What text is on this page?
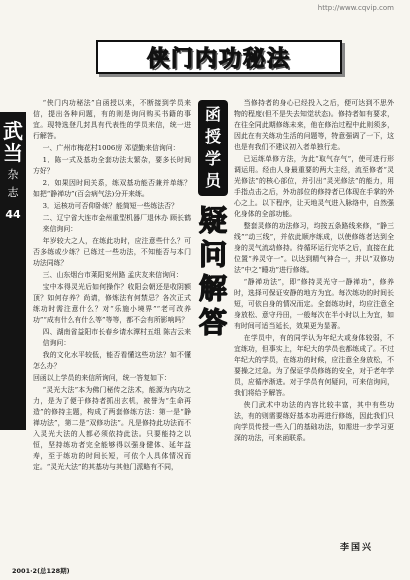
http://www.cqvip.com
侠门内功秘法
武
当
杂
志
44

“侠门内功秘法”自函授以来，不断接到学员来信，提出各种问题，有的则是询问购买书籍的事宜。现特选登几封具有代表性的学员来信，统一进行解答。

一、广州市梅花村1006房 邓望勤来信询问：

1．陈一式及基功全套功法太繁杂，要多长时间方好？

2．如果因时间关系，练双基功能否兼并单练？如把“静禅功”(百会病气法)分开来练。

3．运核功可否仰卧练？能简短一些练法否？

二、辽宁省大连市金州重型机器厂退休办 顾长鹤来信询问：

年岁较大之人，在练此功时，应注意些什么？可否多练或少练？已练过一些功法，不知能否与本门功法同练？

三、山东烟台市莱阳兖州路 孟庆友来信询问：

宝中本得灵光后如何操作？收阳会朝还是收阴额顶？如何存养？尚请，修炼法有何禁忌？各次正式练功时需注意什么？对“乐施小境界”“老可改养功”“成有什么有什么等”等等，都不会有所影响吗？

四、湖南省益阳市长春乡请水潭村五组 陈吉云来信询问：

我的文化水平较低，能否看懂这些功法？如不懂怎么办？

回函以上学员的来信所询问，统一答复如下：

“灵光大法”本为佛门秘传之法术，能源为内功之力，是为了便于修持者抓出玄机，被誉为“生命再造”的修持主题，构成了两套修练方法：第一是“静禅功法”，第二是“双修功法”。凡是修持此功法而不入灵光大法的人都必须依持此法。只要能持之以恒，坚持练功者完全能够得以强身健体、延年益寿，至于练功的时间长短，可依个人具体情况而定。“灵光大法”的其基功与其他门派略有不同，

函
授
学
员
疑
问
解
答

当修持者的身心已经投入之后，便可达到不思外物的程度(但不是失去知觉状态)。修持者如有要求，在往全同此期修练未来，他在修治过程中此则须多，因此在有关练功生活的问题等，特意强调了一下，这也是有我们不建议初入者单独行走。

已运练单修方法，为此“取气存气”，使可进行形调运用。经由人身最重要的两大主经，流至修者“灵光修法”的核心部位，并引出“灵光修法”的能力，用手指点击之后，外功部位的修持者已体现在手掌的外心之上。以下程序，让天地灵气进入脉络中，自然强化身体的全部功能。

整套灵修的功法修习，均按五条路线来修，“静三线”“动三线”，并依此顺序练成，以使修练者达到全身的灵气流动修持。待循环运行完毕之后，直接在此位置“养灵守一”。以达到精气神合一，并以“双修功法”中之“睡功”进行修练。

“静禅功法”，即“修持灵光守一静禅功”，修养时，选择可保证安静的地方为宜。每次练功的时间长短，可依自身的情况而定。全套练功时，均应注意全身放松、意守丹田，一般每次在半小时以上为宜，如有时间可适当延长，效果更为显著。

在学员中，有的同学认为年纪大或身体较弱，不宜练功，但事实上，年纪大的学员也都练成了。不过年纪大的学员，在练功的时候，应注意全身放松，不要操之过急。为了保证学员修练的安全，对于老年学员，应循序渐进。对于学员有何疑问，可来信询问，我们将给予解答。

侠门武术中功法的内容比较丰富，其中有些功法，有的则需要练好基本功再进行修练，因此我们只向学员传授一些入门的基础功法，如需进一步学习更深的功法，可来函联系。

李国兴
2001·2(总128期)
